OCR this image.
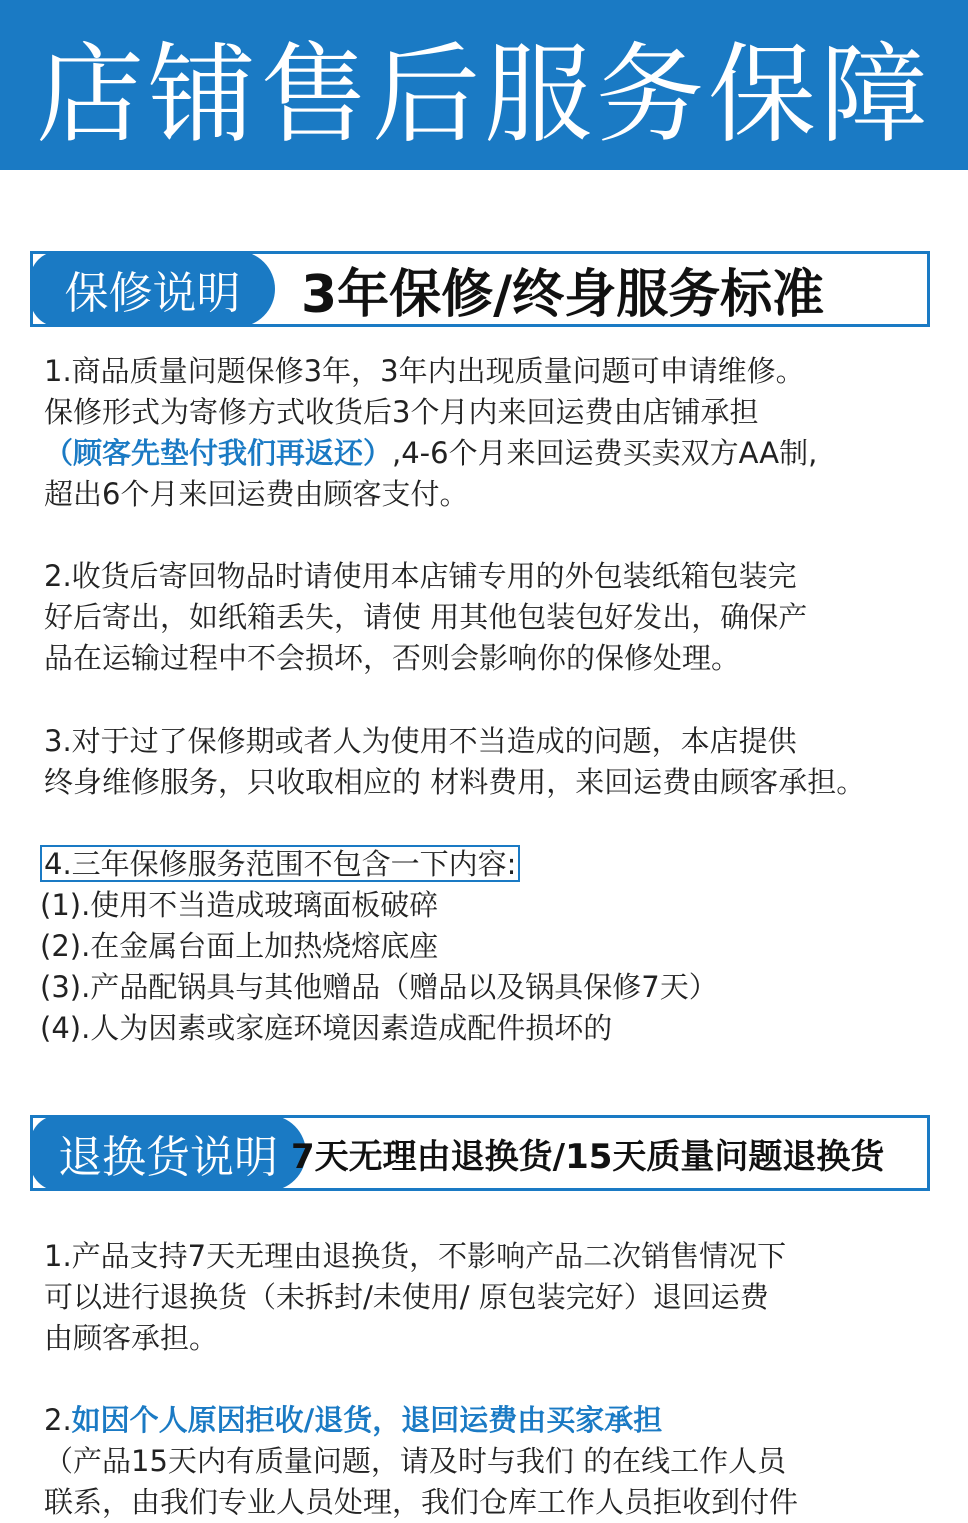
店铺售后服务保障
保修说明	3年保修/终身服务标准
1.商品质量问题保修3年，3年内出现质量问题可申请维修。
保修形式为寄修方式收货后3个月内来回运费由店铺承担
（顾客先垫付我们再返还）,4-6个月来回运费买卖双方AA制,
超出6个月来回运费由顾客支付。
2.收货后寄回物品时请使用本店铺专用的外包装纸箱包装完
好后寄出，如纸箱丢失，请使 用其他包装包好发出，确保产
品在运输过程中不会损坏，否则会影响你的保修处理。
3.对于过了保修期或者人为使用不当造成的问题，本店提供
终身维修服务，只收取相应的 材料费用，来回运费由顾客承担。
4.三年保修服务范围不包含一下内容:
(1).使用不当造成玻璃面板破碎
(2).在金属台面上加热烧熔底座
(3).产品配锅具与其他赠品（赠品以及锅具保修7天）
(4).人为因素或家庭环境因素造成配件损坏的
退换货说明 7天无理由退换货/15天质量问题退换货
1.产品支持7天无理由退换货，不影响产品二次销售情况下
可以进行退换货（未拆封/未使用/ 原包装完好）退回运费
由顾客承担。
2.如因个人原因拒收/退货，退回运费由买家承担
（产品15天内有质量问题，请及时与我们 的在线工作人员
联系，由我们专业人员处理，我们仓库工作人员拒收到付件
